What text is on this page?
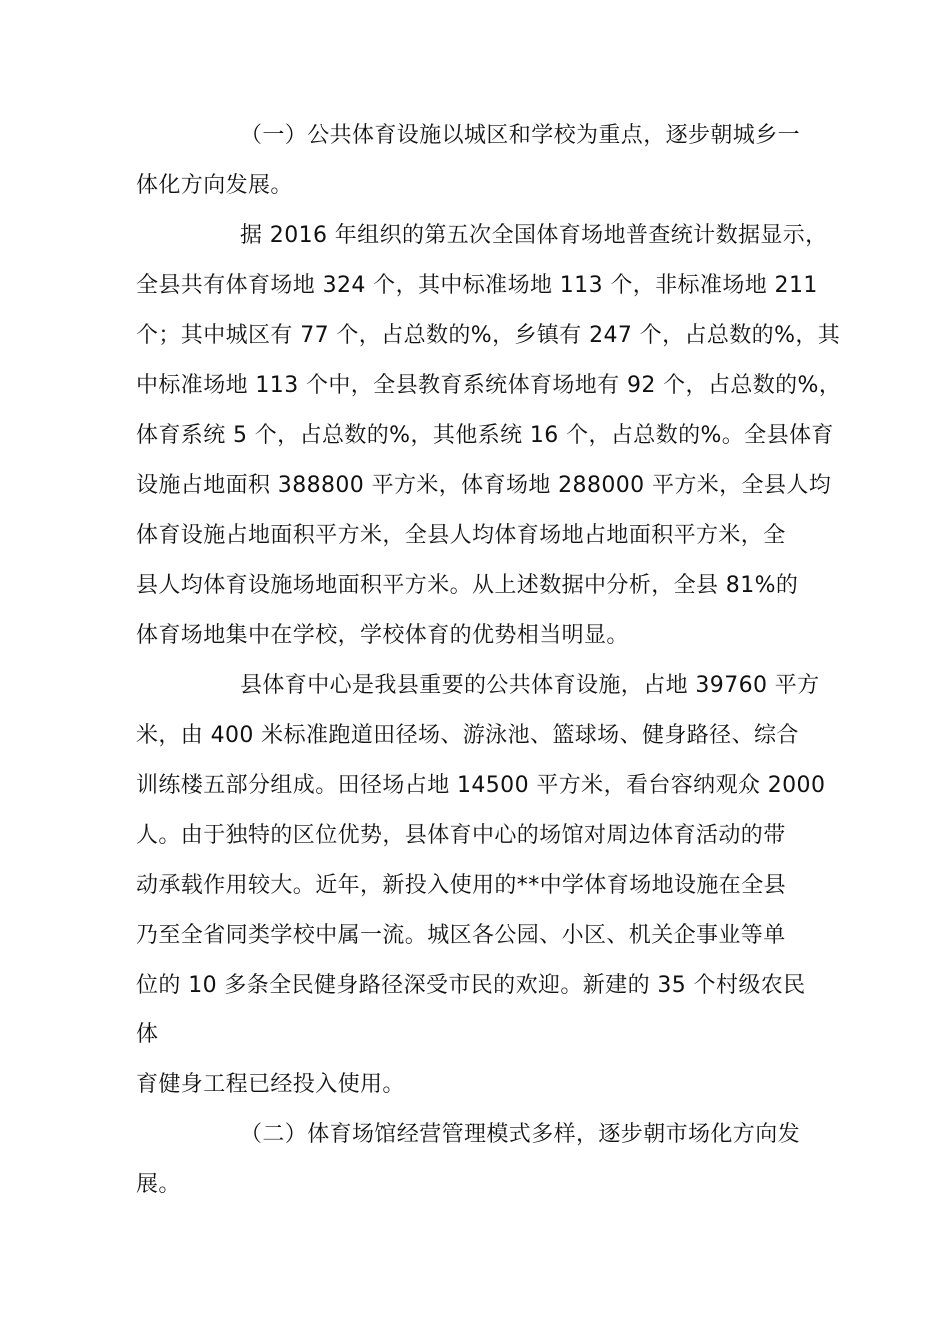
（一）公共体育设施以城区和学校为重点，逐步朝城乡一
体化方向发展。
据 2016 年组织的第五次全国体育场地普查统计数据显示，
全县共有体育场地 324 个，其中标准场地 113 个，非标准场地 211
个；其中城区有 77 个，占总数的%，乡镇有 247 个，占总数的%，其
中标准场地 113 个中，全县教育系统体育场地有 92 个，占总数的%，
体育系统 5 个，占总数的%，其他系统 16 个，占总数的%。全县体育
设施占地面积 388800 平方米，体育场地 288000 平方米，全县人均
体育设施占地面积平方米，全县人均体育场地占地面积平方米，全
县人均体育设施场地面积平方米。从上述数据中分析，全县 81%的
体育场地集中在学校，学校体育的优势相当明显。
县体育中心是我县重要的公共体育设施，占地 39760 平方
米，由 400 米标准跑道田径场、游泳池、篮球场、健身路径、综合
训练楼五部分组成。田径场占地 14500 平方米，看台容纳观众 2000
人。由于独特的区位优势，县体育中心的场馆对周边体育活动的带
动承载作用较大。近年，新投入使用的**中学体育场地设施在全县
乃至全省同类学校中属一流。城区各公园、小区、机关企事业等单
位的 10 多条全民健身路径深受市民的欢迎。新建的 35 个村级农民
体
育健身工程已经投入使用。
（二）体育场馆经营管理模式多样，逐步朝市场化方向发
展。
